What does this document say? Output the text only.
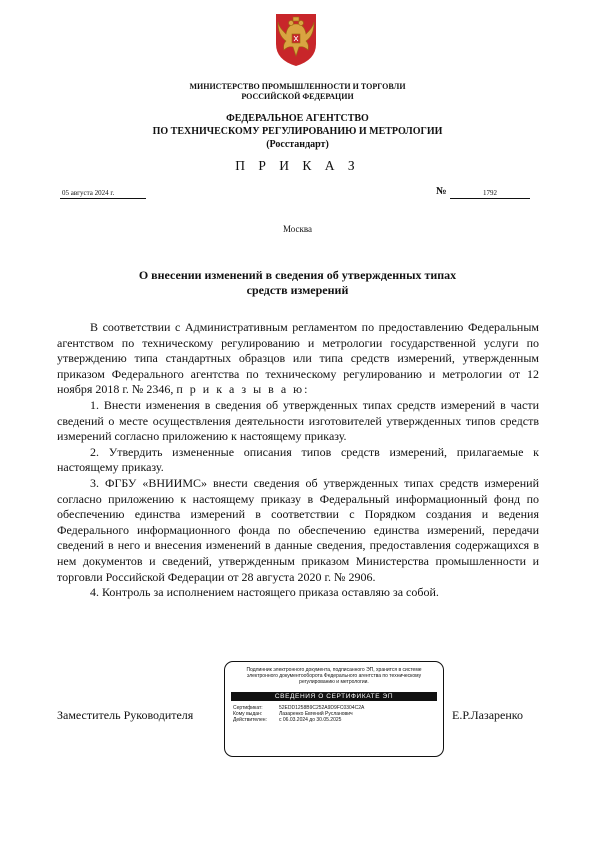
МИНИСТЕРСТВО ПРОМЫШЛЕННОСТИ И ТОРГОВЛИ
РОССИЙСКОЙ ФЕДЕРАЦИИ
ФЕДЕРАЛЬНОЕ АГЕНТСТВО
ПО ТЕХНИЧЕСКОМУ РЕГУЛИРОВАНИЮ И МЕТРОЛОГИИ
(Росстандарт)
П Р И К А З
05 августа 2024 г.	№	1792
Москва
О внесении изменений в сведения об утвержденных типах
средств измерений

В соответствии с Административным регламентом по предоставлению Федеральным агентством по техническому регулированию и метрологии государственной услуги по утверждению типа стандартных образцов или типа средств измерений, утвержденным приказом Федерального агентства по техническому регулированию и метрологии от 12 ноября 2018 г. № 2346, п р и к а з ы в а ю:

1. Внести изменения в сведения об утвержденных типах средств измерений в части сведений о месте осуществления деятельности изготовителей утвержденных типов средств измерений согласно приложению к настоящему приказу.

2. Утвердить измененные описания типов средств измерений, прилагаемые к настоящему приказу.

3. ФГБУ «ВНИИМС» внести сведения об утвержденных типах средств измерений согласно приложению к настоящему приказу в Федеральный информационный фонд по обеспечению единства измерений в соответствии с Порядком создания и ведения Федерального информационного фонда по обеспечению единства измерений, передачи сведений в него и внесения изменений в данные сведения, предоставления содержащихся в нем документов и сведений, утвержденным приказом Министерства промышленности и торговли Российской Федерации от 28 августа 2020 г. № 2906.

4. Контроль за исполнением настоящего приказа оставляю за собой.

Заместитель Руководителя	Е.Р.Лазаренко
Подлинник электронного документа, подписанного ЭП, хранится в системе электронного документооборота Федерального агентства по техническому регулированию и метрологии.
СВЕДЕНИЯ О СЕРТИФИКАТЕ ЭП
Сертификат:	52EDD1258B9C252A9D9FC0304C2A
Кому выдан:	Лазаренко Евгений Русланович
Действителен: с 06.03.2024 до 30.05.2025
